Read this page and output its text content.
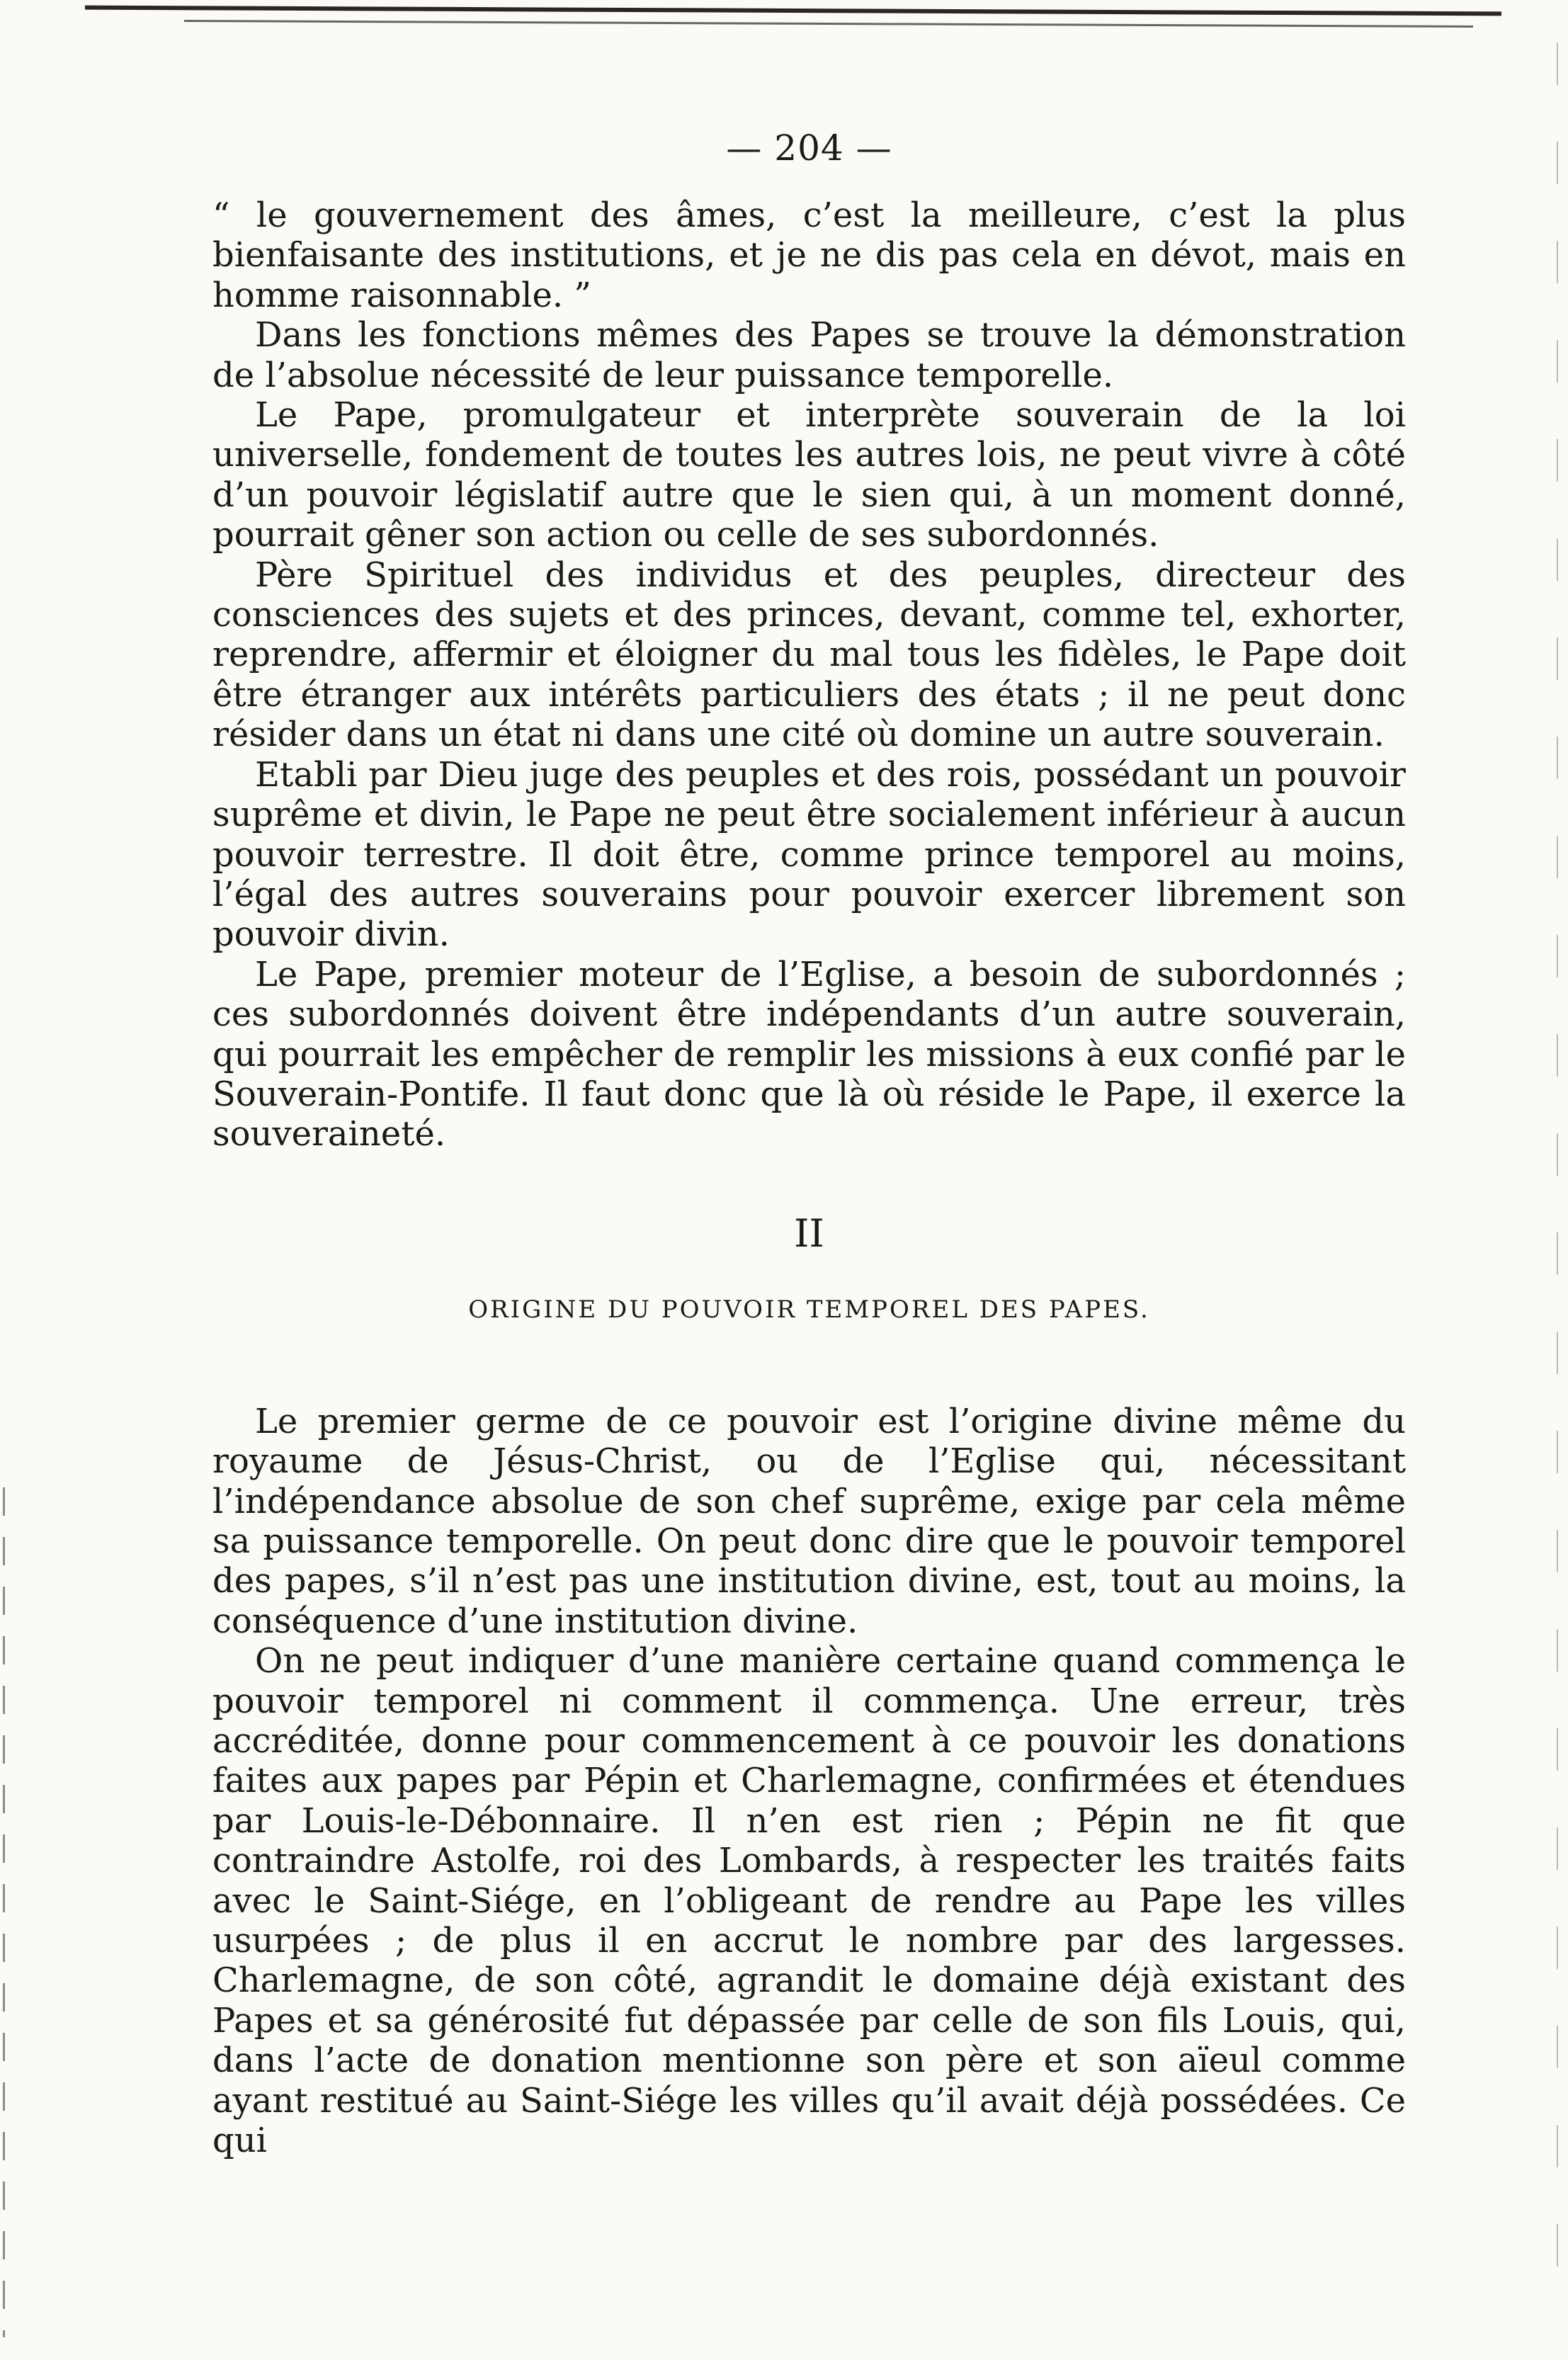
— 204 —

“ le gouvernement des âmes, c’est la meilleure, c’est la plus bienfaisante des institutions, et je ne dis pas cela en dévot, mais en homme raisonnable. ”

Dans les fonctions mêmes des Papes se trouve la démonstration de l’absolue nécessité de leur puissance temporelle.

Le Pape, promulgateur et interprète souverain de la loi universelle, fondement de toutes les autres lois, ne peut vivre à côté d’un pouvoir législatif autre que le sien qui, à un moment donné, pourrait gêner son action ou celle de ses subordonnés.

Père Spirituel des individus et des peuples, directeur des consciences des sujets et des princes, devant, comme tel, exhorter, reprendre, affermir et éloigner du mal tous les fidèles, le Pape doit être étranger aux intérêts particuliers des états ; il ne peut donc résider dans un état ni dans une cité où domine un autre souverain.

Etabli par Dieu juge des peuples et des rois, possédant un pouvoir suprême et divin, le Pape ne peut être socialement inférieur à aucun pouvoir terrestre. Il doit être, comme prince temporel au moins, l’égal des autres souverains pour pouvoir exercer librement son pouvoir divin.

Le Pape, premier moteur de l’Eglise, a besoin de subordonnés ; ces subordonnés doivent être indépendants d’un autre souverain, qui pourrait les empêcher de remplir les missions à eux confié par le Souverain-Pontife. Il faut donc que là où réside le Pape, il exerce la souveraineté.

II
ORIGINE DU POUVOIR TEMPOREL DES PAPES.

Le premier germe de ce pouvoir est l’origine divine même du royaume de Jésus-Christ, ou de l’Eglise qui, nécessitant l’indépendance absolue de son chef suprême, exige par cela même sa puissance temporelle. On peut donc dire que le pouvoir temporel des papes, s’il n’est pas une institution divine, est, tout au moins, la conséquence d’une institution divine.

On ne peut indiquer d’une manière certaine quand commença le pouvoir temporel ni comment il commença. Une erreur, très accréditée, donne pour commencement à ce pouvoir les donations faites aux papes par Pépin et Charlemagne, confirmées et étendues par Louis-le-Débonnaire. Il n’en est rien ; Pépin ne fit que contraindre Astolfe, roi des Lombards, à respecter les traités faits avec le Saint-Siége, en l’obligeant de rendre au Pape les villes usurpées ; de plus il en accrut le nombre par des largesses. Charlemagne, de son côté, agrandit le domaine déjà existant des Papes et sa générosité fut dépassée par celle de son fils Louis, qui, dans l’acte de donation mentionne son père et son aïeul comme ayant restitué au Saint-Siége les villes qu’il avait déjà possédées. Ce qui
